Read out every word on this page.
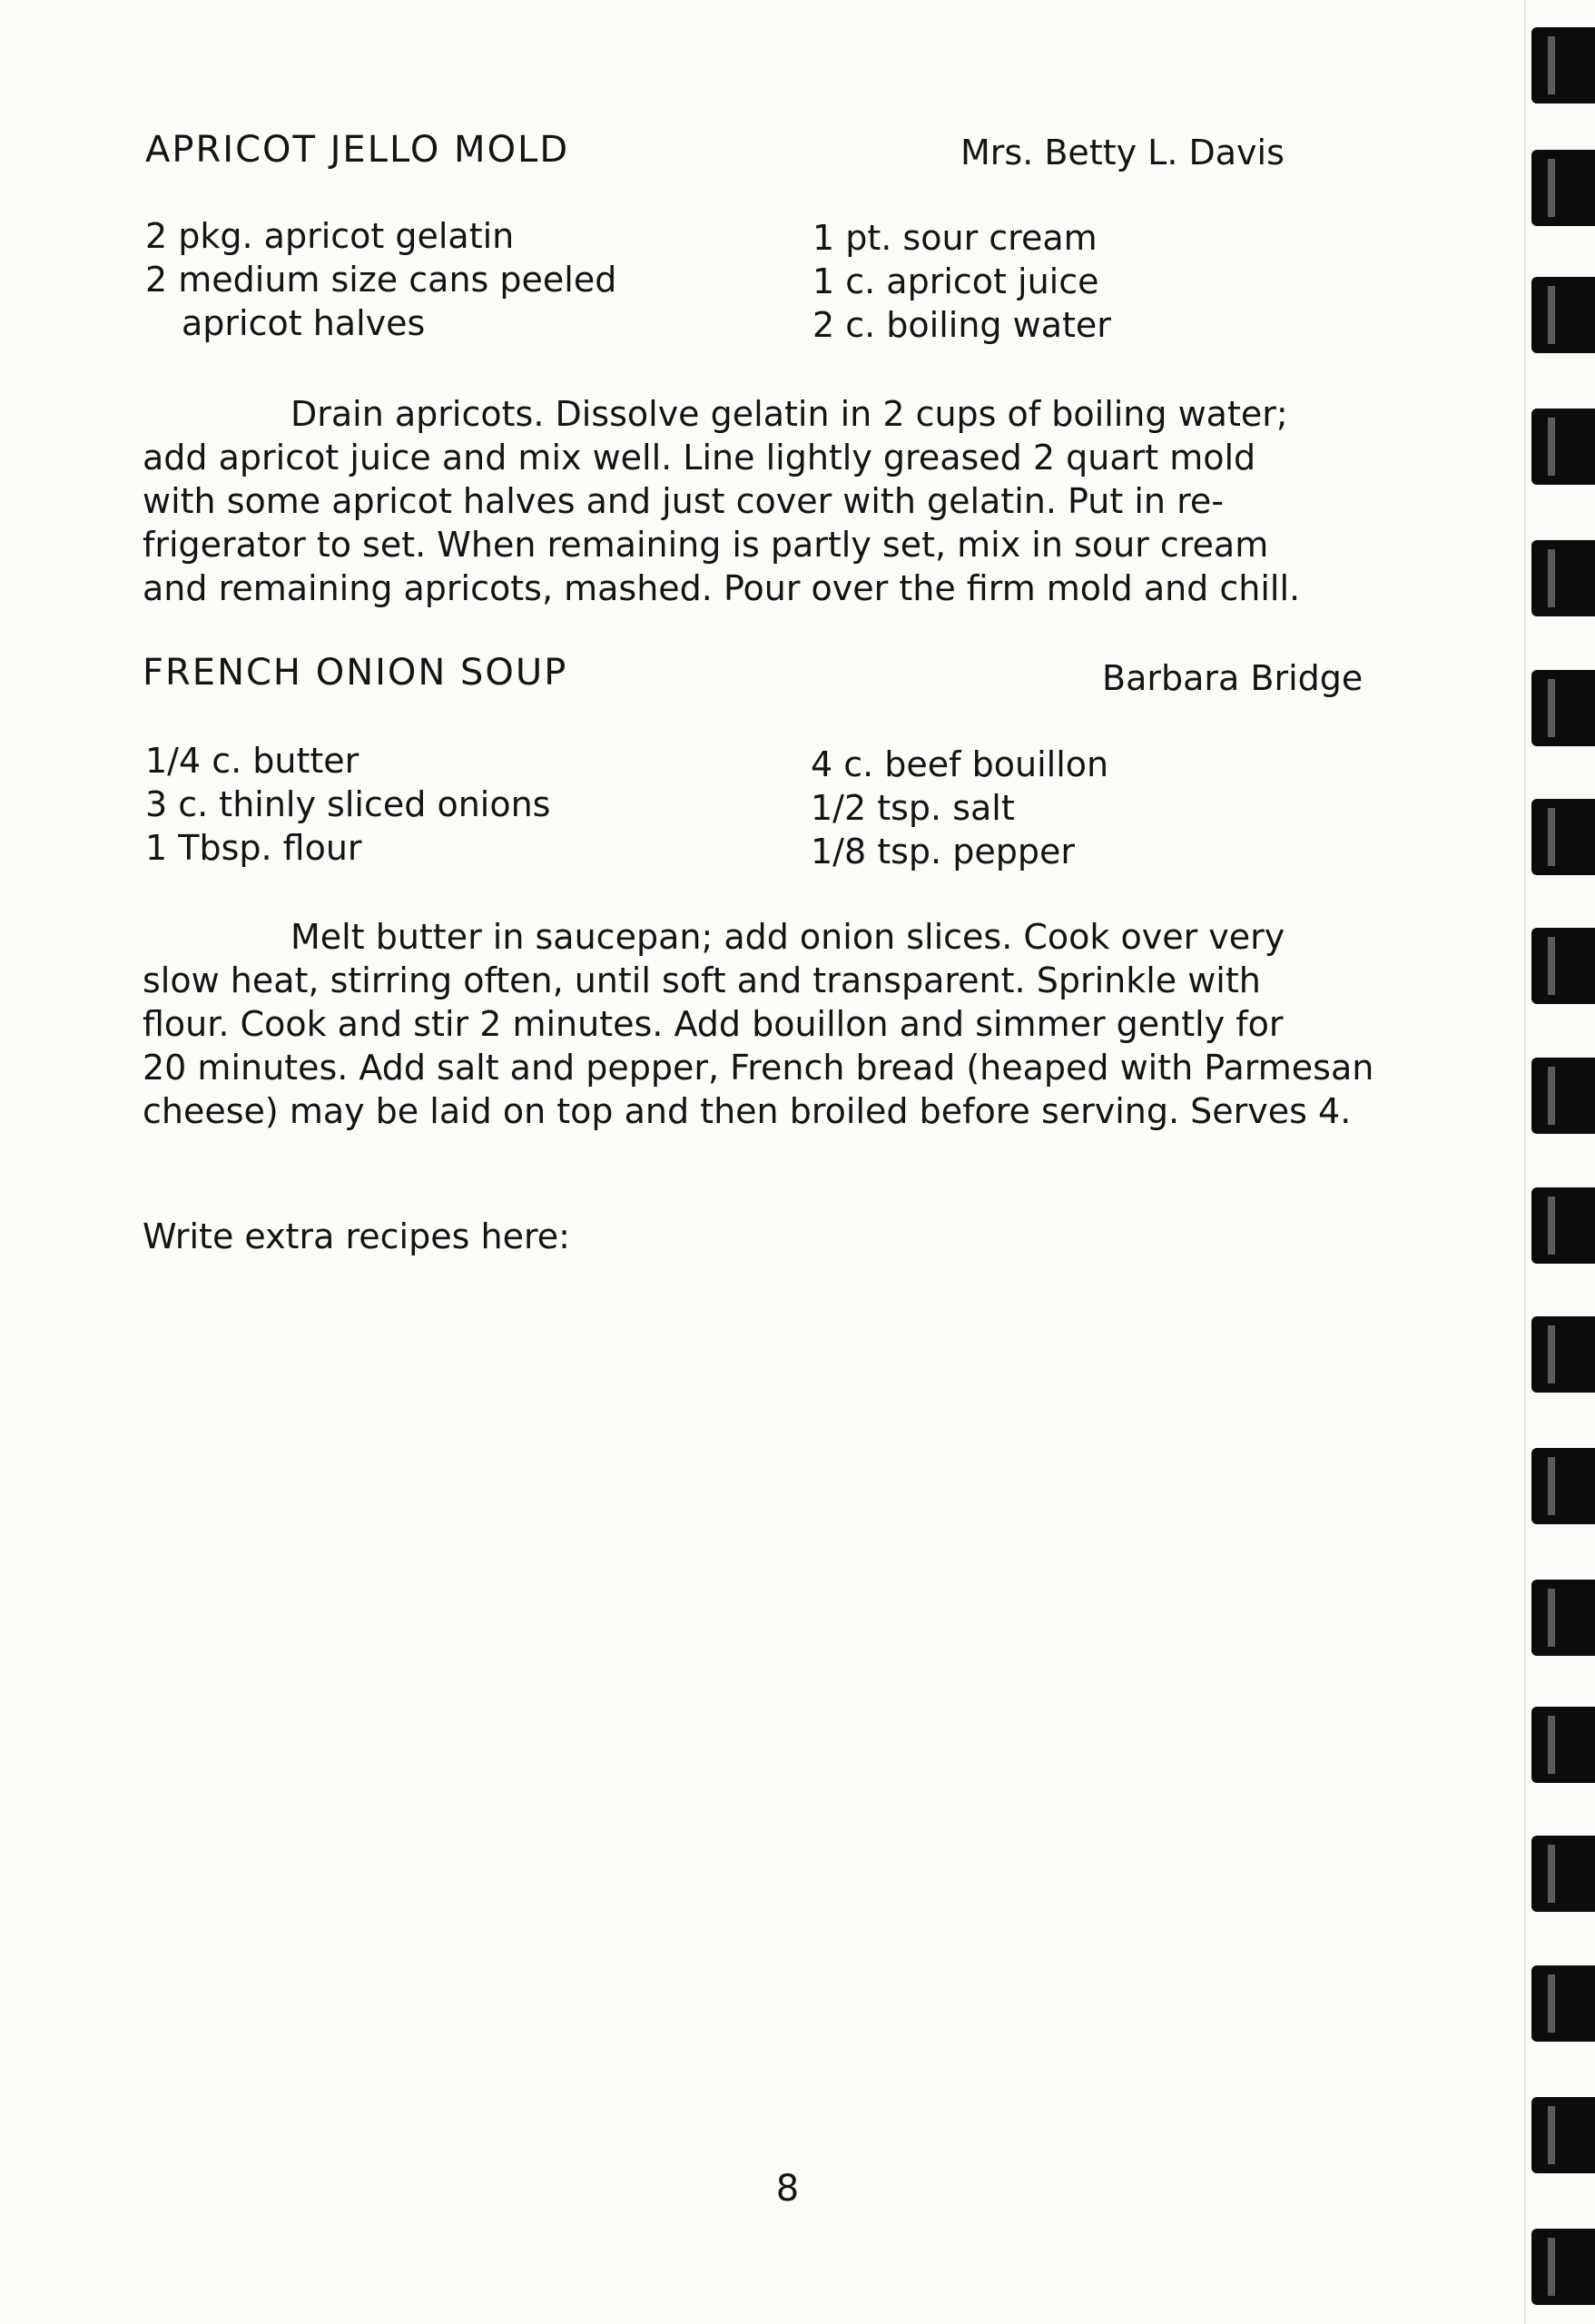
APRICOT JELLO MOLD	Mrs. Betty L. Davis
2 pkg. apricot gelatin
2 medium size cans peeled
apricot halves
1 pt. sour cream
1 c. apricot juice
2 c. boiling water
Drain apricots. Dissolve gelatin in 2 cups of boiling water;
add apricot juice and mix well. Line lightly greased 2 quart mold
with some apricot halves and just cover with gelatin. Put in re-
frigerator to set. When remaining is partly set, mix in sour cream
and remaining apricots, mashed. Pour over the firm mold and chill.
FRENCH ONION SOUP	Barbara Bridge
1/4 c. butter
3 c. thinly sliced onions
1 Tbsp. flour
4 c. beef bouillon
1/2 tsp. salt
1/8 tsp. pepper
Melt butter in saucepan; add onion slices. Cook over very
slow heat, stirring often, until soft and transparent. Sprinkle with
flour. Cook and stir 2 minutes. Add bouillon and simmer gently for
20 minutes. Add salt and pepper, French bread (heaped with Parmesan
cheese) may be laid on top and then broiled before serving. Serves 4.
Write extra recipes here:
8
